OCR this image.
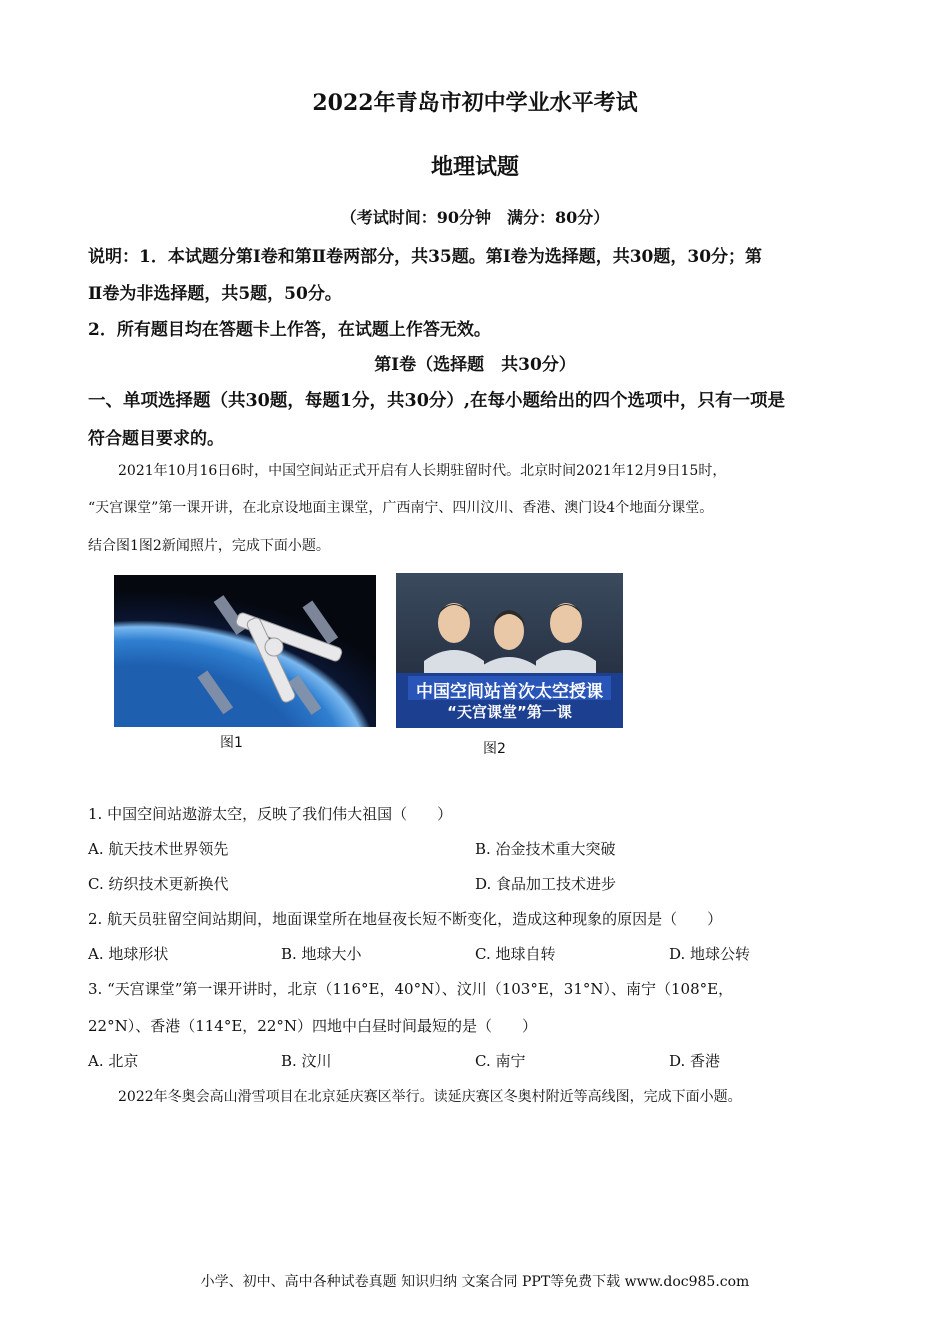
2022年青岛市初中学业水平考试
地理试题
（考试时间：90分钟　满分：80分）
说明：1．本试题分第Ⅰ卷和第Ⅱ卷两部分，共35题。第Ⅰ卷为选择题，共30题，30分；第
Ⅱ卷为非选择题，共5题，50分。
2．所有题目均在答题卡上作答，在试题上作答无效。
第Ⅰ卷（选择题　共30分）
一、单项选择题（共30题，每题1分，共30分）,在每小题给出的四个选项中，只有一项是
符合题目要求的。
2021年10月16日6时，中国空间站正式开启有人长期驻留时代。北京时间2021年12月9日15时，
“天宫课堂”第一课开讲，在北京设地面主课堂，广西南宁、四川汶川、香港、澳门设4个地面分课堂。
结合图1图2新闻照片，完成下面小题。
图1
中国空间站首次太空授课
“天宫课堂”第一课
图2
1. 中国空间站遨游太空，反映了我们伟大祖国（　　）
A. 航天技术世界领先	B. 冶金技术重大突破
C. 纺织技术更新换代	D. 食品加工技术进步
2. 航天员驻留空间站期间，地面课堂所在地昼夜长短不断变化，造成这种现象的原因是（　　）
A. 地球形状	B. 地球大小	C. 地球自转	D. 地球公转
3. “天宫课堂”第一课开讲时，北京（116°E，40°N）、汶川（103°E，31°N）、南宁（108°E，
22°N）、香港（114°E，22°N）四地中白昼时间最短的是（　　）
A. 北京	B. 汶川	C. 南宁	D. 香港
2022年冬奥会高山滑雪项目在北京延庆赛区举行。读延庆赛区冬奥村附近等高线图，完成下面小题。
小学、初中、高中各种试卷真题 知识归纳 文案合同 PPT等免费下载 www.doc985.com
